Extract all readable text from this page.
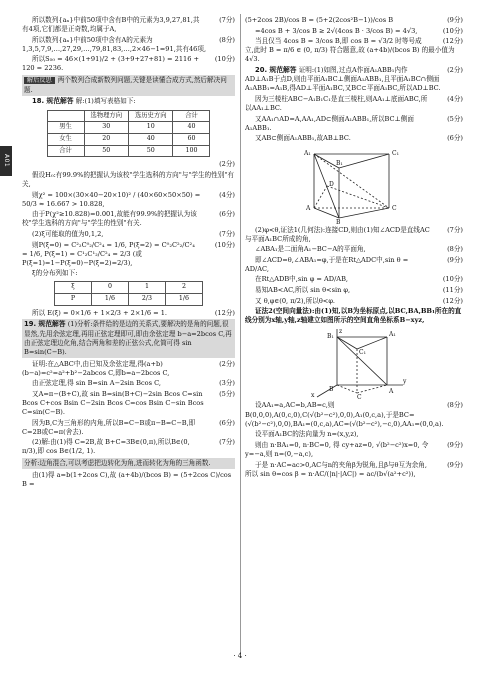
A01
(7分)
所以数列{aₙ}中前50项中含有B中的元素为3,9,27,81,共有4项,它们都是正奇数,均属于A,
(8分)
所以数列{aₙ}中前50项中含有A的元素为1,3,5,7,9,…,27,29,…,79,81,83,…,2×46−1=91,共有46项,
(10分)
所以S₅₀ = 46×(1+91)/2 + (3+9+27+81) = 2116 + 120 = 2236.
解后反思 两个数列合成新数列问题,关键是读懂合成方式,然后解决问题.
18. 规范解答 解:(1)填写表格如下:
	选物理方向	选历史方向	合计
男生	30	10	40
女生	20	40	60
合计	50	50	100
(2分)
假设H₀:有99.9%的把握认为该校"学生选科的方向"与"学生的性别"有关,
(4分)
则χ² = 100×(30×40−20×10)² / (40×60×50×50) = 50/3 ≈ 16.667 > 10.828,
(6分)
由于P(χ²≥10.828)=0.001,故能有99.9%的把握认为该校"学生选科的方向"与"学生的性别"有关.
(7分)
(2)ξ可能取的值为0,1,2,
(10分)
则P(ξ=0) = C²₂C⁰₂/C²₄ = 1/6, P(ξ=2) = C⁰₂C²₂/C²₄ = 1/6, P(ξ=1) = C¹₂C¹₂/C²₄ = 2/3 (或P(ξ=1)=1−P(ξ=0)−P(ξ=2)=2/3),
ξ的分布列如下:
ξ	0	1	2
P	1/6	2/3	1/6
(12分)
所以 E(ξ) = 0×1/6 + 1×2/3 + 2×1/6 = 1.
19. 规范解答 (1)分析:条件给的是边的关系式,要解决的是角的问题,很显然,先用余弦定理,再用正弦定理即可,即由余弦定理 b−a=2bcos C,再由正弦定理边化角,结合两角和差的正弦公式,化简可得 sin B=sin(C−B).
(2分)
证明:在△ABC中,由已知及余弦定理,得(a+b)(b−a)=c²=a²+b²−2abcos C,即b=a−2bcos C,
(3分)
由正弦定理,得 sin B=sin A−2sin Bcos C,
(5分)
又A=π−(B+C),故 sin B=sin(B+C)−2sin Bcos C=sin Bcos C+cos Bsin C−2sin Bcos C=cos Bsin C−sin Bcos C=sin(C−B).
(6分)
因为B,C为三角形的内角,所以B=C−B或π−B=C−B,即C=2B或C=π(舍去).
(7分)
(2)解:由(1)得 C=2B,故 B+C=3B∈(0,π),所以B∈(0, π/3),即 cos B∈(1/2, 1).
分析:边角混合,可以考虑把边转化为角,进而转化为角的三角函数.
由(1)得 a=b(1+2cos C),故 (a+4b)/(bcos B) = (5+2cos C)/cos B =
(9分)
(5+2cos 2B)/cos B = (5+2(2cos²B−1))/cos B
(10分)
=4cos B + 3/cos B ≥ 2√(4cos B · 3/cos B) = 4√3,
(12分)
当且仅当 4cos B = 3/cos B,即 cos B = √3/2 时等号成立,此时 B = π/6 ∈ (0, π/3) 符合题意,故 (a+4b)/(bcos B) 的最小值为 4√3.
(2分)
20. 规范解答 证明:(1)如图,过点A作面A₁ABB₁内作AD⊥A₁B于点D,则由平面A₁BC⊥侧面A₁ABB₁,且平面A₁BC∩侧面A₁ABB₁=A₁B,得AD⊥平面A₁BC,又BC⊂平面A₁BC,所以AD⊥BC.
(4分)
因为三棱柱ABC−A₁B₁C₁是直三棱柱,则AA₁⊥底面ABC,所以AA₁⊥BC.
(5分)
又AA₁∩AD=A,AA₁,AD⊂侧面A₁ABB₁,所以BC⊥侧面A₁ABB₁.
(6分)
又AB⊂侧面A₁ABB₁,故AB⊥BC.
A₁
B₁
C₁
A
B
C
D
(7分)
(2)φ<θ,证法1(几何法):连接CD,则由(1)知∠ACD是直线AC与平面A₁BC所成的角,
(8分)
∠ABA₁是二面角A₁−BC−A的平面角,
(9分)
即∠ACD=θ,∠ABA₁=φ,于是在Rt△ADC中,sin θ = AD/AC,
(10分)
在Rt△ADB中,sin φ = AD/AB,
(11分)
易知AB<AC,所以 sin θ<sin φ,
(12分)
又 θ,φ∈(0, π/2),所以θ<φ.
证法2(空间向量法):由(1)知,以B为坐标原点,以BC,BA,BB₁所在的直线分别为x轴,y轴,z轴建立如图所示的空间直角坐标系B−xyz,
z
y
x
A₁
B₁
C₁
A
B
C
(8分)
设AA₁=a,AC=b,AB=c,则B(0,0,0),A(0,c,0),C(√(b²−c²),0,0),A₁(0,c,a),于是BC=(√(b²−c²),0,0),BA₁=(0,c,a),AC=(√(b²−c²),−c,0),AA₁=(0,0,a).
设平面A₁BC的法向量为 n=(x,y,z),
(9分)
则由 n·BA₁=0, n·BC=0, 得 cy+az=0, √(b²−c²)x=0, 令 y=−a,则 n=(0,−a,c),
(9分)
于是 n·AC=ac>0,AC与n的夹角β为锐角,且β与θ互为余角,所以 sin θ=cos β = n·AC/(|n|·|AC|) = ac/(b√(a²+c²)),
· 4 ·
